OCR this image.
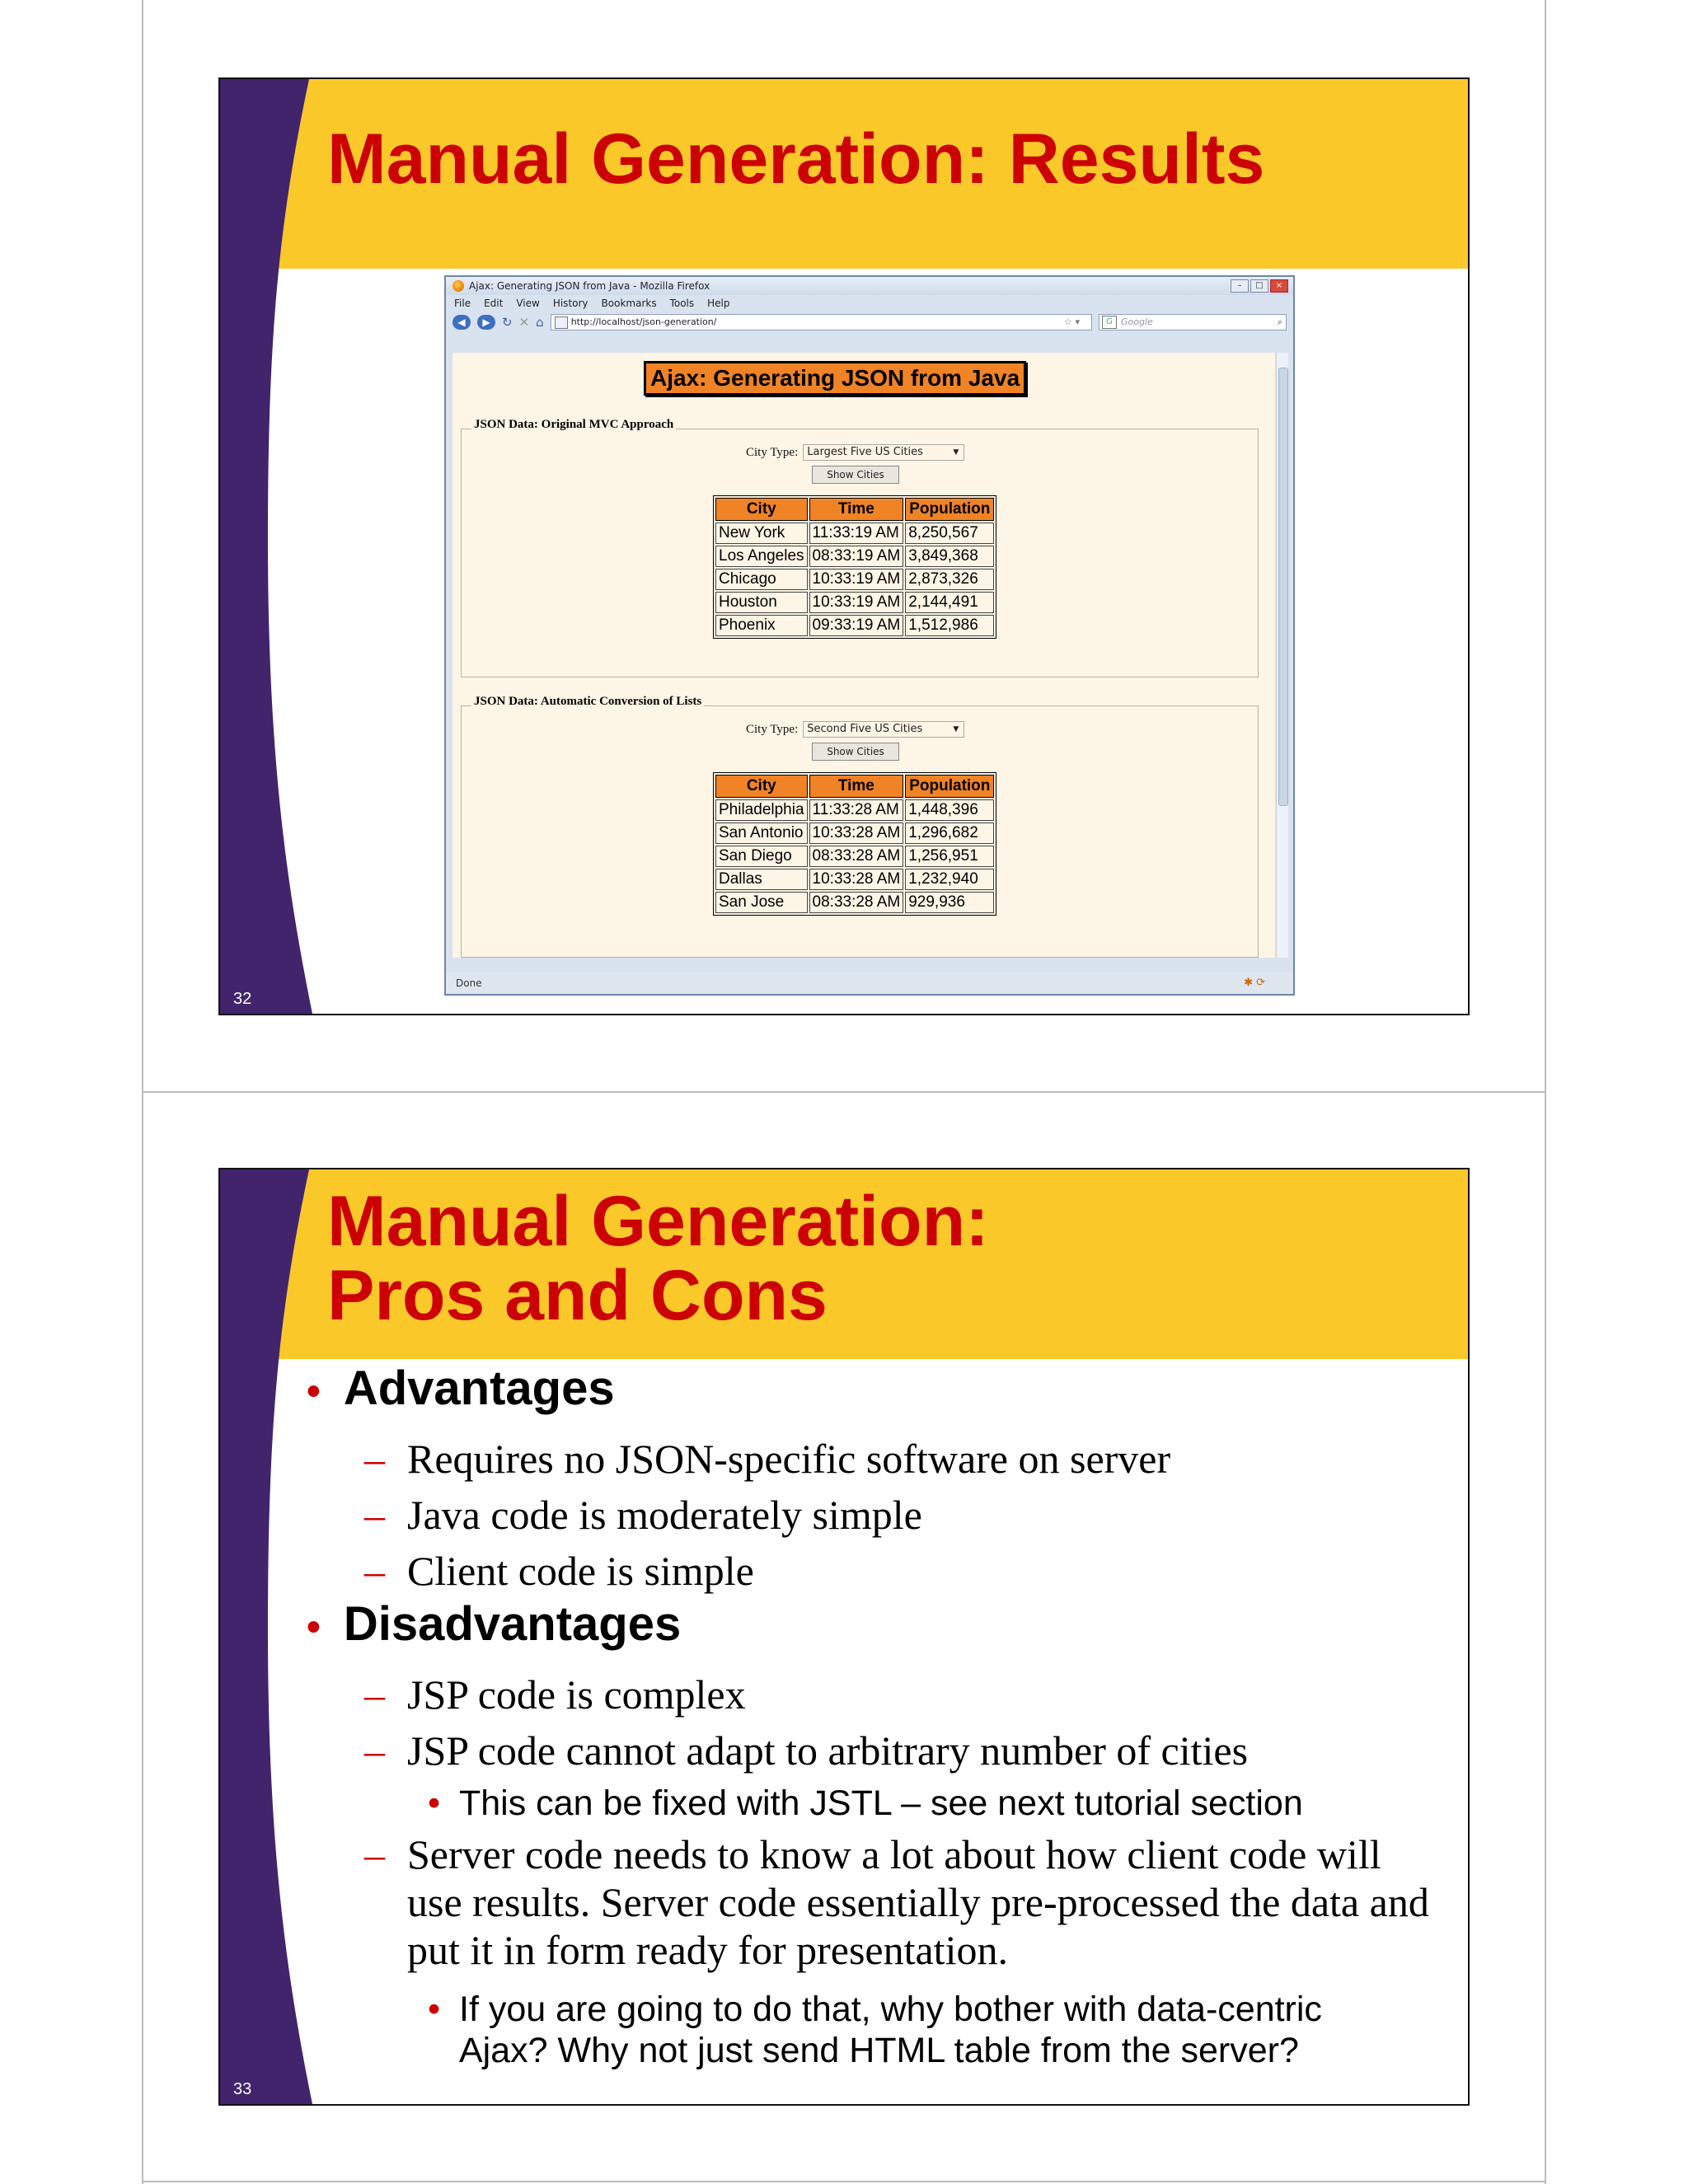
Manual Generation: Results
32
Ajax: Generating JSON from Java - Mozilla Firefox	–	□	×
File Edit View History Bookmarks Tools Help
◀	▶ ↻ ✕ ⌂	http://localhost/json-generation/	☆ ▾	G Google	⌕
Ajax: Generating JSON from Java
JSON Data: Original MVC Approach
City Type: Largest Five US Cities	▼
Show Cities
City	Time	Population
New York	11:33:19 AM	8,250,567
Los Angeles	08:33:19 AM	3,849,368
Chicago	10:33:19 AM	2,873,326
Houston	10:33:19 AM	2,144,491
Phoenix	09:33:19 AM	1,512,986
JSON Data: Automatic Conversion of Lists
City Type: Second Five US Cities	▼
Show Cities
City	Time	Population
Philadelphia	11:33:28 AM	1,448,396
San Antonio	10:33:28 AM	1,296,682
San Diego	08:33:28 AM	1,256,951
Dallas	10:33:28 AM	1,232,940
San Jose	08:33:28 AM	929,936
Done	✱ ⟳
Manual Generation:
Pros and Cons
33
• Advantages
– Requires no JSON-specific software on server
– Java code is moderately simple
– Client code is simple
• Disadvantages
– JSP code is complex
– JSP code cannot adapt to arbitrary number of cities
• This can be fixed with JSTL – see next tutorial section
– Server code needs to know a lot about how client code will use results. Server code essentially pre-processed the data and put it in form ready for presentation.
• If you are going to do that, why bother with data-centric Ajax? Why not just send HTML table from the server?
